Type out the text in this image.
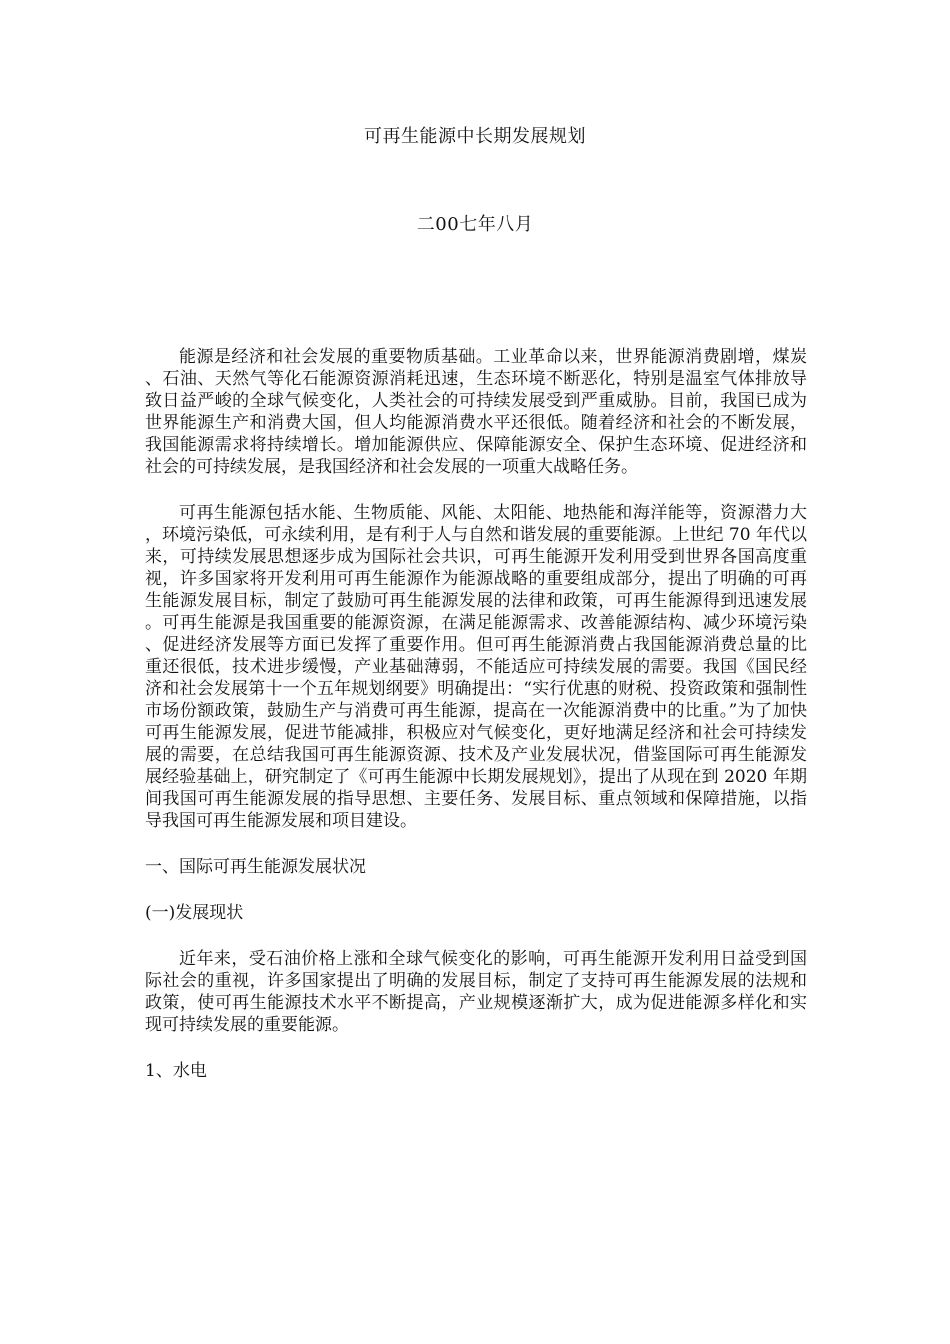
可再生能源中长期发展规划
二00七年八月

能源是经济和社会发展的重要物质基础。工业革命以来，世界能源消费剧增，煤炭、石油、天然气等化石能源资源消耗迅速，生态环境不断恶化，特别是温室气体排放导致日益严峻的全球气候变化，人类社会的可持续发展受到严重威胁。目前，我国已成为世界能源生产和消费大国，但人均能源消费水平还很低。随着经济和社会的不断发展，我国能源需求将持续增长。增加能源供应、保障能源安全、保护生态环境、促进经济和社会的可持续发展，是我国经济和社会发展的一项重大战略任务。

可再生能源包括水能、生物质能、风能、太阳能、地热能和海洋能等，资源潜力大，环境污染低，可永续利用，是有利于人与自然和谐发展的重要能源。上世纪 70 年代以来，可持续发展思想逐步成为国际社会共识，可再生能源开发利用受到世界各国高度重视，许多国家将开发利用可再生能源作为能源战略的重要组成部分，提出了明确的可再生能源发展目标，制定了鼓励可再生能源发展的法律和政策，可再生能源得到迅速发展。可再生能源是我国重要的能源资源，在满足能源需求、改善能源结构、减少环境污染、促进经济发展等方面已发挥了重要作用。但可再生能源消费占我国能源消费总量的比重还很低，技术进步缓慢，产业基础薄弱，不能适应可持续发展的需要。我国《国民经济和社会发展第十一个五年规划纲要》明确提出：“实行优惠的财税、投资政策和强制性市场份额政策，鼓励生产与消费可再生能源，提高在一次能源消费中的比重。”为了加快可再生能源发展，促进节能减排，积极应对气候变化，更好地满足经济和社会可持续发展的需要，在总结我国可再生能源资源、技术及产业发展状况，借鉴国际可再生能源发展经验基础上，研究制定了《可再生能源中长期发展规划》，提出了从现在到 2020 年期间我国可再生能源发展的指导思想、主要任务、发展目标、重点领域和保障措施，以指导我国可再生能源发展和项目建设。

一、国际可再生能源发展状况

(一)发展现状

近年来，受石油价格上涨和全球气候变化的影响，可再生能源开发利用日益受到国际社会的重视，许多国家提出了明确的发展目标，制定了支持可再生能源发展的法规和政策，使可再生能源技术水平不断提高，产业规模逐渐扩大，成为促进能源多样化和实现可持续发展的重要能源。

1、水电
